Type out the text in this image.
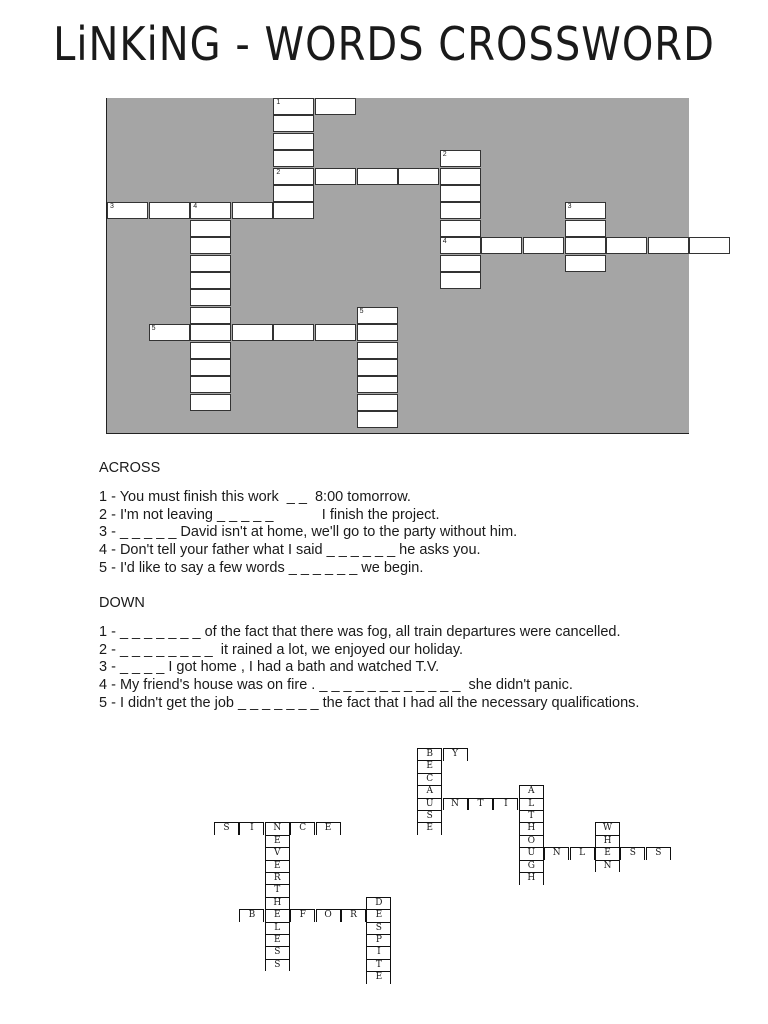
LiNKiNG - WORDS CROSSWORD
1
2
2
4
3	4	3
5
5
ACROSS
1 - You must finish this work  _ _  8:00 tomorrow.
2 - I'm not leaving _ _ _ _ _            I finish the project.
3 - _ _ _ _ _ David isn't at home, we'll go to the party without him.
4 - Don't tell your father what I said _ _ _ _ _ _ he asks you.
5 - I'd like to say a few words _ _ _ _ _ _ we begin.
DOWN
1 - _ _ _ _ _ _ _ of the fact that there was fog, all train departures were cancelled.
2 - _ _ _ _ _ _ _ _  it rained a lot, we enjoyed our holiday.
3 - _ _ _ _ I got home , I had a bath and watched T.V.
4 - My friend's house was on fire . _ _ _ _ _ _ _ _ _ _ _ _  she didn't panic.
5 - I didn't get the job _ _ _ _ _ _ _ the fact that I had all the necessary qualifications.
B	Y
E
C
A
U
S
E
N	T	I	L
A
T
H
O
U
G
H
S	I	N	C	E	W
H
E
N
E
V
E
R
T
H
E
L
E
S
S
N	L	S	S
D
E
S
P
I
T
E
B	F	O	R
